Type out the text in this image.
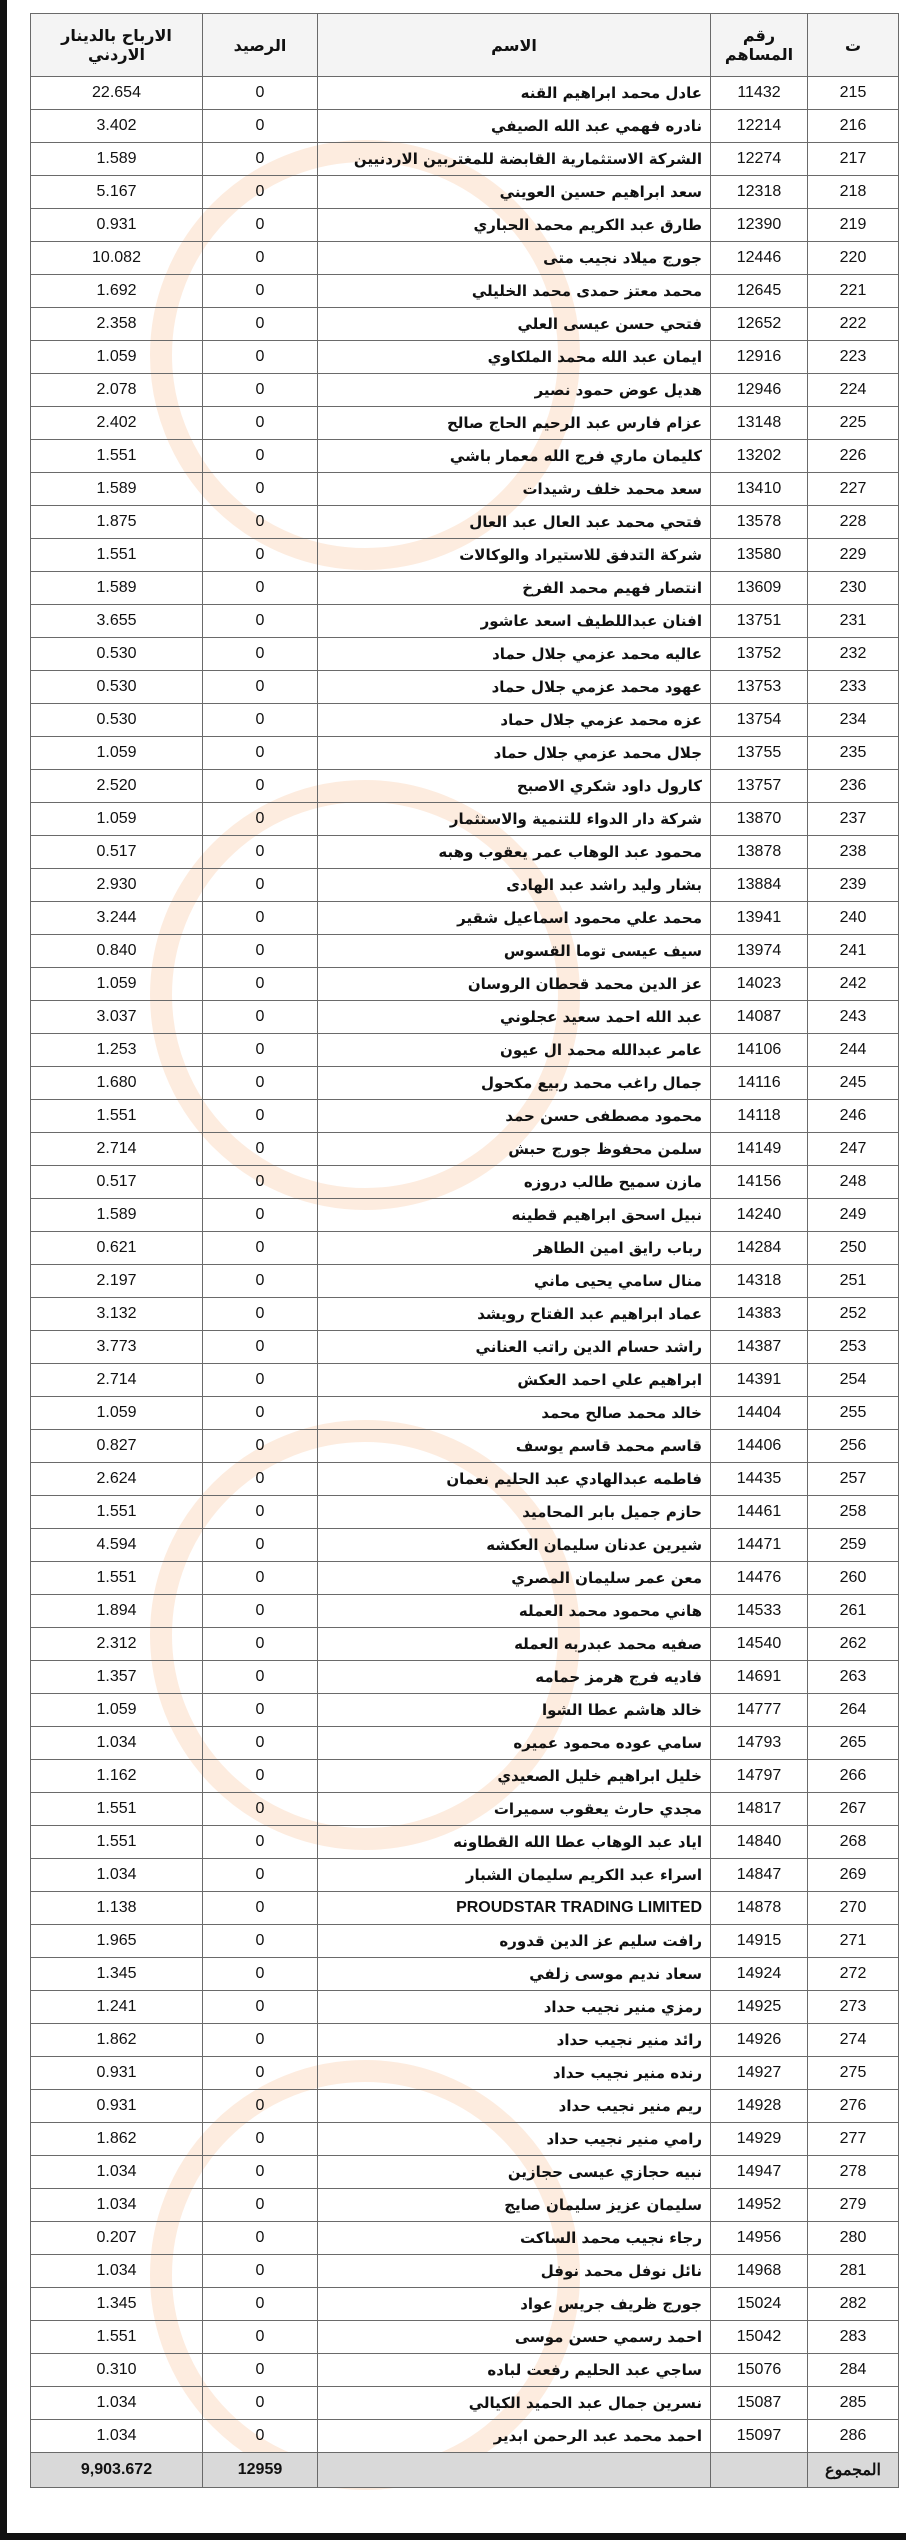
ت	رقم المساهم	الاسم	الرصيد	الارباح بالدينار الاردني
215	11432	عادل محمد ابراهيم القنه	0	22.654
216	12214	نادره فهمي عبد الله الصيفي	0	3.402
217	12274	الشركة الاستثمارية القابضة للمغتربين الاردنيين	0	1.589
218	12318	سعد ابراهيم حسين العويني	0	5.167
219	12390	طارق عبد الكريم محمد الحباري	0	0.931
220	12446	جورج ميلاد نجيب متى	0	10.082
221	12645	محمد معتز حمدى محمد الخليلي	0	1.692
222	12652	فتحي حسن عيسى العلي	0	2.358
223	12916	ايمان عبد الله محمد الملكاوي	0	1.059
224	12946	هديل عوض حمود نصير	0	2.078
225	13148	عزام فارس عبد الرحيم الحاج صالح	0	2.402
226	13202	كليمان ماري فرج الله معمار باشي	0	1.551
227	13410	سعد محمد خلف رشيدات	0	1.589
228	13578	فتحي محمد عبد العال عبد العال	0	1.875
229	13580	شركة التدفق للاستيراد والوكالات	0	1.551
230	13609	انتصار فهيم محمد الفرخ	0	1.589
231	13751	افنان عبداللطيف اسعد عاشور	0	3.655
232	13752	عاليه محمد عزمي جلال حماد	0	0.530
233	13753	عهود محمد عزمي جلال حماد	0	0.530
234	13754	عزه محمد عزمي جلال حماد	0	0.530
235	13755	جلال محمد عزمي جلال حماد	0	1.059
236	13757	كارول داود شكري الاصبح	0	2.520
237	13870	شركة دار الدواء للتنمية والاستثمار	0	1.059
238	13878	محمود عبد الوهاب عمر يعقوب وهبه	0	0.517
239	13884	بشار وليد راشد عبد الهادى	0	2.930
240	13941	محمد علي محمود اسماعيل شقير	0	3.244
241	13974	سيف عيسى توما القسوس	0	0.840
242	14023	عز الدين محمد قحطان الروسان	0	1.059
243	14087	عبد الله احمد سعيد عجلوني	0	3.037
244	14106	عامر عبدالله محمد ال عيون	0	1.253
245	14116	جمال راغب محمد ربيع مكحول	0	1.680
246	14118	محمود مصطفى حسن حمد	0	1.551
247	14149	سلمن محفوظ جورج حبش	0	2.714
248	14156	مازن سميح طالب دروزه	0	0.517
249	14240	نبيل اسحق ابراهيم قطينه	0	1.589
250	14284	رباب رايق امين الطاهر	0	0.621
251	14318	منال سامي يحيى ماني	0	2.197
252	14383	عماد ابراهيم عبد الفتاح رويشد	0	3.132
253	14387	راشد حسام الدين راتب العناني	0	3.773
254	14391	ابراهيم علي احمد العكش	0	2.714
255	14404	خالد محمد صالح محمد	0	1.059
256	14406	قاسم محمد قاسم يوسف	0	0.827
257	14435	فاطمه عبدالهادي عبد الحليم نعمان	0	2.624
258	14461	حازم جميل بابر المحاميد	0	1.551
259	14471	شيرين عدنان سليمان العكشه	0	4.594
260	14476	معن عمر سليمان المصري	0	1.551
261	14533	هاني محمود محمد العمله	0	1.894
262	14540	صفيه محمد عبدربه العمله	0	2.312
263	14691	فاديه فرج هرمز حمامه	0	1.357
264	14777	خالد هاشم عطا الشوا	0	1.059
265	14793	سامي عوده محمود عميره	0	1.034
266	14797	خليل ابراهيم خليل الصعيدي	0	1.162
267	14817	مجدي حارث يعقوب سميرات	0	1.551
268	14840	اياد عبد الوهاب عطا الله القطاونه	0	1.551
269	14847	اسراء عبد الكريم سليمان الشبار	0	1.034
270	14878	PROUDSTAR TRADING LIMITED	0	1.138
271	14915	رافت سليم عز الدين قدوره	0	1.965
272	14924	سعاد نديم موسى زلفي	0	1.345
273	14925	رمزي منير نجيب حداد	0	1.241
274	14926	رائد منير نجيب حداد	0	1.862
275	14927	رنده منير نجيب حداد	0	0.931
276	14928	ريم منير نجيب حداد	0	0.931
277	14929	رامي منير نجيب حداد	0	1.862
278	14947	نبيه حجازي عيسى حجازين	0	1.034
279	14952	سليمان عزيز سليمان صايج	0	1.034
280	14956	رجاء نجيب محمد الساكت	0	0.207
281	14968	نائل نوفل محمد نوفل	0	1.034
282	15024	جورج ظريف جريس عواد	0	1.345
283	15042	احمد رسمي حسن موسى	0	1.551
284	15076	ساجي عبد الحليم رفعت لباده	0	0.310
285	15087	نسرين جمال عبد الحميد الكيالي	0	1.034
286	15097	احمد محمد عبد الرحمن ابدير	0	1.034
المجموع			12959	9,903.672
